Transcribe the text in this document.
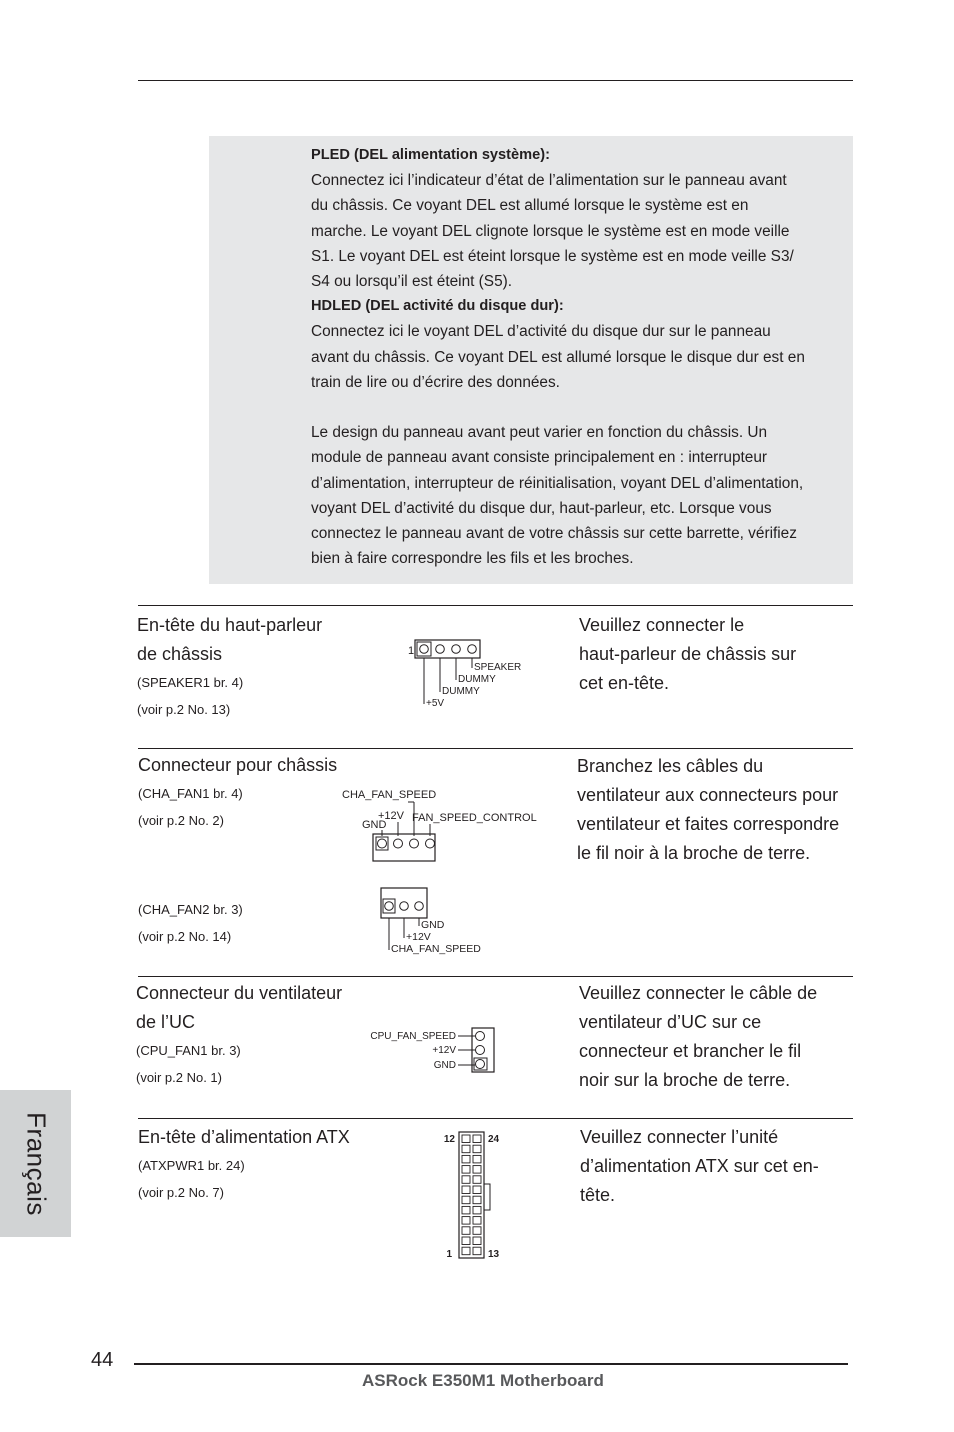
PLED (DEL alimentation système):

Connectez ici l’indicateur d’état de l’alimentation sur le panneau avant

du châssis. Ce voyant DEL est allumé lorsque le système est en

marche. Le voyant DEL clignote lorsque le système est en mode veille

S1. Le voyant DEL est éteint lorsque le système est en mode veille S3/

S4 ou lorsqu’il est éteint (S5).

HDLED (DEL activité du disque dur):

Connectez ici le voyant DEL d’activité du disque dur sur le panneau

avant du châssis. Ce voyant DEL est allumé lorsque le disque dur est en

train de lire ou d’écrire des données.

Le design du panneau avant peut varier en fonction du châssis. Un

module de panneau avant consiste principalement en : interrupteur

d’alimentation, interrupteur de réinitialisation, voyant DEL d’alimentation,

voyant DEL d’activité du disque dur, haut-parleur, etc. Lorsque vous

connectez le panneau avant de votre châssis sur cette barrette, vérifiez

bien à faire correspondre les fils et les broches.

En-tête du haut-parleur
de châssis
(SPEAKER1 br. 4)
(voir p.2 No. 13)
1
SPEAKER
DUMMY
DUMMY
+5V
Veuillez connecter le
haut-parleur de châssis sur
cet en-tête.
Connecteur pour châssis
(CHA_FAN1 br. 4)
(voir p.2 No. 2)
(CHA_FAN2 br. 3)
(voir p.2 No. 14)
CHA_FAN_SPEED
+12V FAN_SPEED_CONTROL
GND
GND
+12V
CHA_FAN_SPEED
Branchez les câbles du
ventilateur aux connecteurs pour
ventilateur et faites correspondre
le fil noir à la broche de terre.
Connecteur du ventilateur
de l’UC
(CPU_FAN1 br. 3)
(voir p.2 No. 1)
CPU_FAN_SPEED
+12V
GND
Veuillez connecter le câble de
ventilateur d’UC sur ce
connecteur et brancher le fil
noir sur la broche de terre.
En-tête d’alimentation ATX
(ATXPWR1 br. 24)
(voir p.2 No. 7)
12	24
1	13
Veuillez connecter l’unité
d’alimentation ATX sur cet en-
tête.
Français
44
ASRock E350M1 Motherboard
